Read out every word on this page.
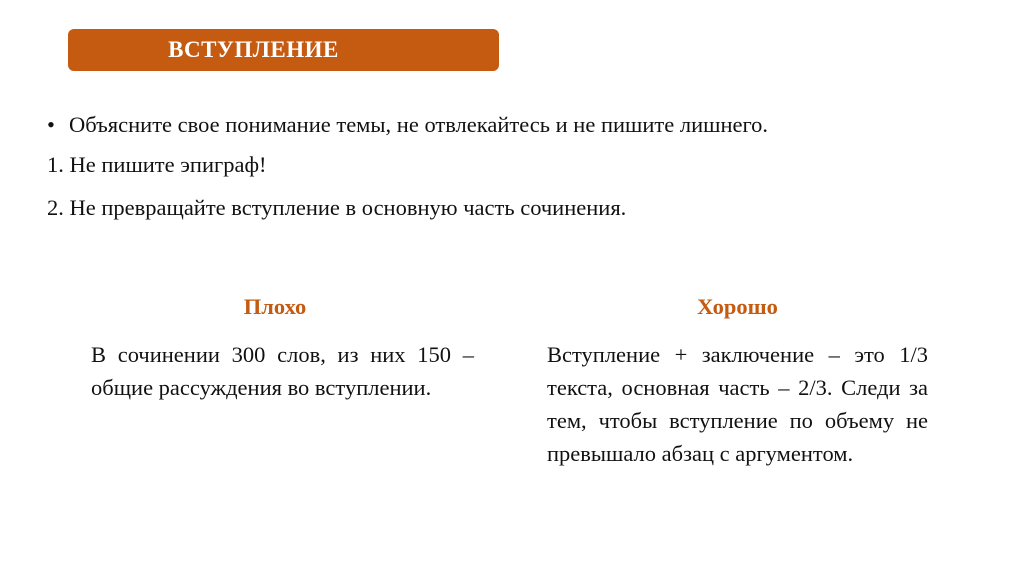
ВСТУПЛЕНИЕ
• Объясните свое понимание темы, не отвлекайтесь и не пишите лишнего.
1. Не пишите эпиграф!
2. Не превращайте вступление в основную часть сочинения.
Плохо
В сочинении 300 слов, из них 150 – общие рассуждения во вступлении.
Хорошо
Вступление + заключение – это 1/3 текста, основная часть – 2/3. Следи за тем, чтобы вступление по объему не превышало абзац с аргументом.
